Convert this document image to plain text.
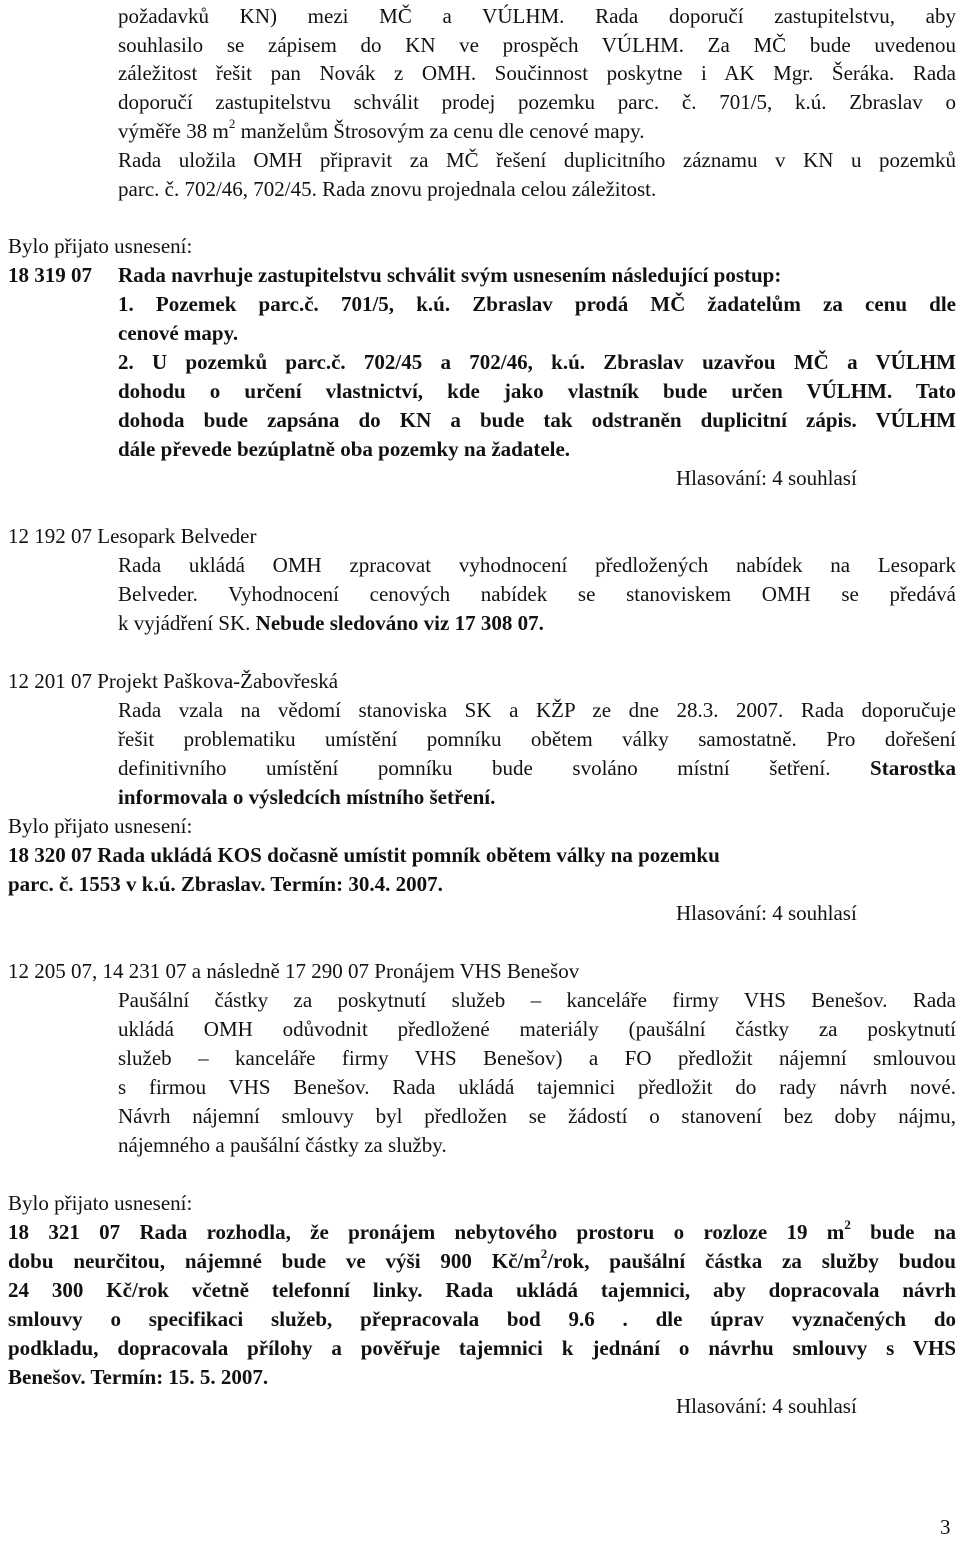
požadavků KN) mezi MČ a VÚLHM. Rada doporučí zastupitelstvu, aby
souhlasilo se zápisem do KN ve prospěch VÚLHM. Za MČ bude uvedenou
záležitost řešit pan Novák z OMH. Součinnost poskytne i AK Mgr. Šeráka. Rada
doporučí zastupitelstvu schválit prodej pozemku parc. č. 701/5, k.ú. Zbraslav o
výměře 38 $m^2$ manželům Štrosovým za cenu dle cenové mapy.
Rada uložila OMH připravit za MČ řešení duplicitního záznamu v KN u pozemků
parc. č. 702/46, 702/45. Rada znovu projednala celou záležitost.
Bylo přijato usnesení:
18 319 07 Rada navrhuje zastupitelstvu schválit svým usnesením následující postup:
1. Pozemek parc.č. 701/5, k.ú. Zbraslav prodá MČ žadatelům za cenu dle
cenové mapy.
2. U pozemků parc.č. 702/45 a 702/46, k.ú. Zbraslav uzavřou MČ a VÚLHM
dohodu o určení vlastnictví, kde jako vlastník bude určen VÚLHM. Tato
dohoda bude zapsána do KN a bude tak odstraněn duplicitní zápis. VÚLHM
dále převede bezúplatně oba pozemky na žadatele.
Hlasování: 4 souhlasí
12 192 07 Lesopark Belveder
Rada ukládá OMH zpracovat vyhodnocení předložených nabídek na Lesopark
Belveder. Vyhodnocení cenových nabídek se stanoviskem OMH se předává
k vyjádření SK. Nebude sledováno viz 17 308 07.
12 201 07 Projekt Paškova-Žabovřeská
Rada vzala na vědomí stanoviska SK a KŽP ze dne 28.3. 2007. Rada doporučuje
řešit problematiku umístění pomníku obětem války samostatně. Pro dořešení
definitivního umístění pomníku bude svoláno místní šetření. Starostka
informovala o výsledcích místního šetření.
Bylo přijato usnesení:
18 320 07 Rada ukládá KOS dočasně umístit pomník obětem války na pozemku
parc. č. 1553 v k.ú. Zbraslav. Termín: 30.4. 2007.
Hlasování: 4 souhlasí
12 205 07, 14 231 07 a následně 17 290 07 Pronájem VHS Benešov
Paušální částky za poskytnutí služeb – kanceláře firmy VHS Benešov. Rada
ukládá OMH odůvodnit předložené materiály (paušální částky za poskytnutí
služeb – kanceláře firmy VHS Benešov) a FO předložit nájemní smlouvou
s firmou VHS Benešov. Rada ukládá tajemnici předložit do rady návrh nové.
Návrh nájemní smlouvy byl předložen se žádostí o stanovení bez doby nájmu,
nájemného a paušální částky za služby.
Bylo přijato usnesení:
18 321 07 Rada rozhodla, že pronájem nebytového prostoru o rozloze 19 $m^2$ bude na
dobu neurčitou, nájemné bude ve výši 900 $Kč/m^2$/rok, paušální částka za služby budou
24 300 Kč/rok včetně telefonní linky. Rada ukládá tajemnici, aby dopracovala návrh
smlouvy o specifikaci služeb, přepracovala bod 9.6 . dle úprav vyznačených do
podkladu, dopracovala přílohy a pověřuje tajemnici k jednání o návrhu smlouvy s VHS
Benešov. Termín: 15. 5. 2007.
Hlasování: 4 souhlasí
3
